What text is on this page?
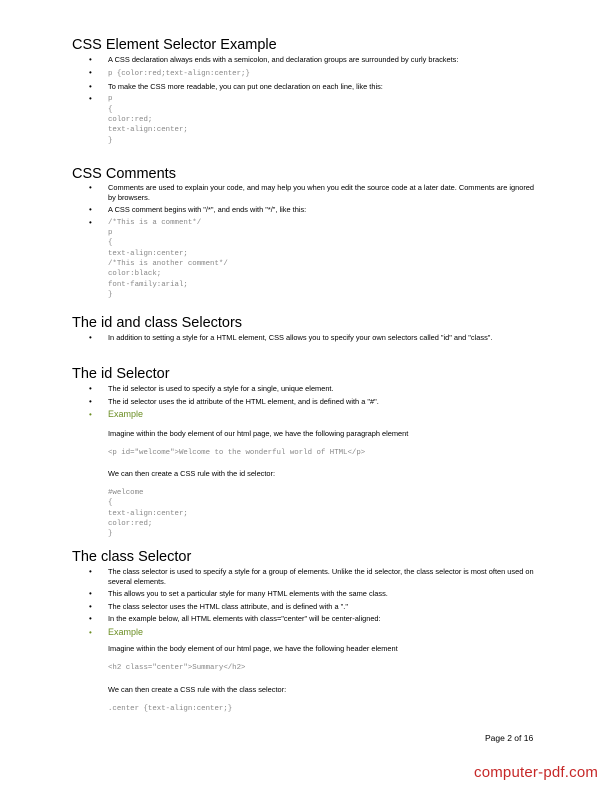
CSS Element Selector Example
• A CSS declaration always ends with a semicolon, and declaration groups are surrounded by curly brackets:
• p {color:red;text-align:center;}
• To make the CSS more readable, you can put one declaration on each line, like this:
• p
{
color:red;
text-align:center;
}
CSS Comments
• Comments are used to explain your code, and may help you when you edit the source code at a later date. Comments are ignored by browsers.
• A CSS comment begins with "/*", and ends with "*/", like this:
• /*This is a comment*/
p
{
text-align:center;
/*This is another comment*/
color:black;
font-family:arial;
}
The id and class Selectors
• In addition to setting a style for a HTML element, CSS allows you to specify your own selectors called "id" and "class".
The id Selector
• The id selector is used to specify a style for a single, unique element.
• The id selector uses the id attribute of the HTML element, and is defined with a "#".
• Example
Imagine within the body element of our html page, we have the following paragraph element
<p id="welcome">Welcome to the wonderful world of HTML</p>
We can then create a CSS rule with the id selector:
#welcome
{
text-align:center;
color:red;
}
The class Selector
• The class selector is used to specify a style for a group of elements. Unlike the id selector, the class selector is most often used on several elements.
• This allows you to set a particular style for many HTML elements with the same class.
• The class selector uses the HTML class attribute, and is defined with a "."
• In the example below, all HTML elements with class="center" will be center-aligned:
• Example
Imagine within the body element of our html page, we have the following header element
<h2 class="center">Summary</h2>
We can then create a CSS rule with the class selector:
.center {text-align:center;}
Page 2 of 16
computer-pdf.com
